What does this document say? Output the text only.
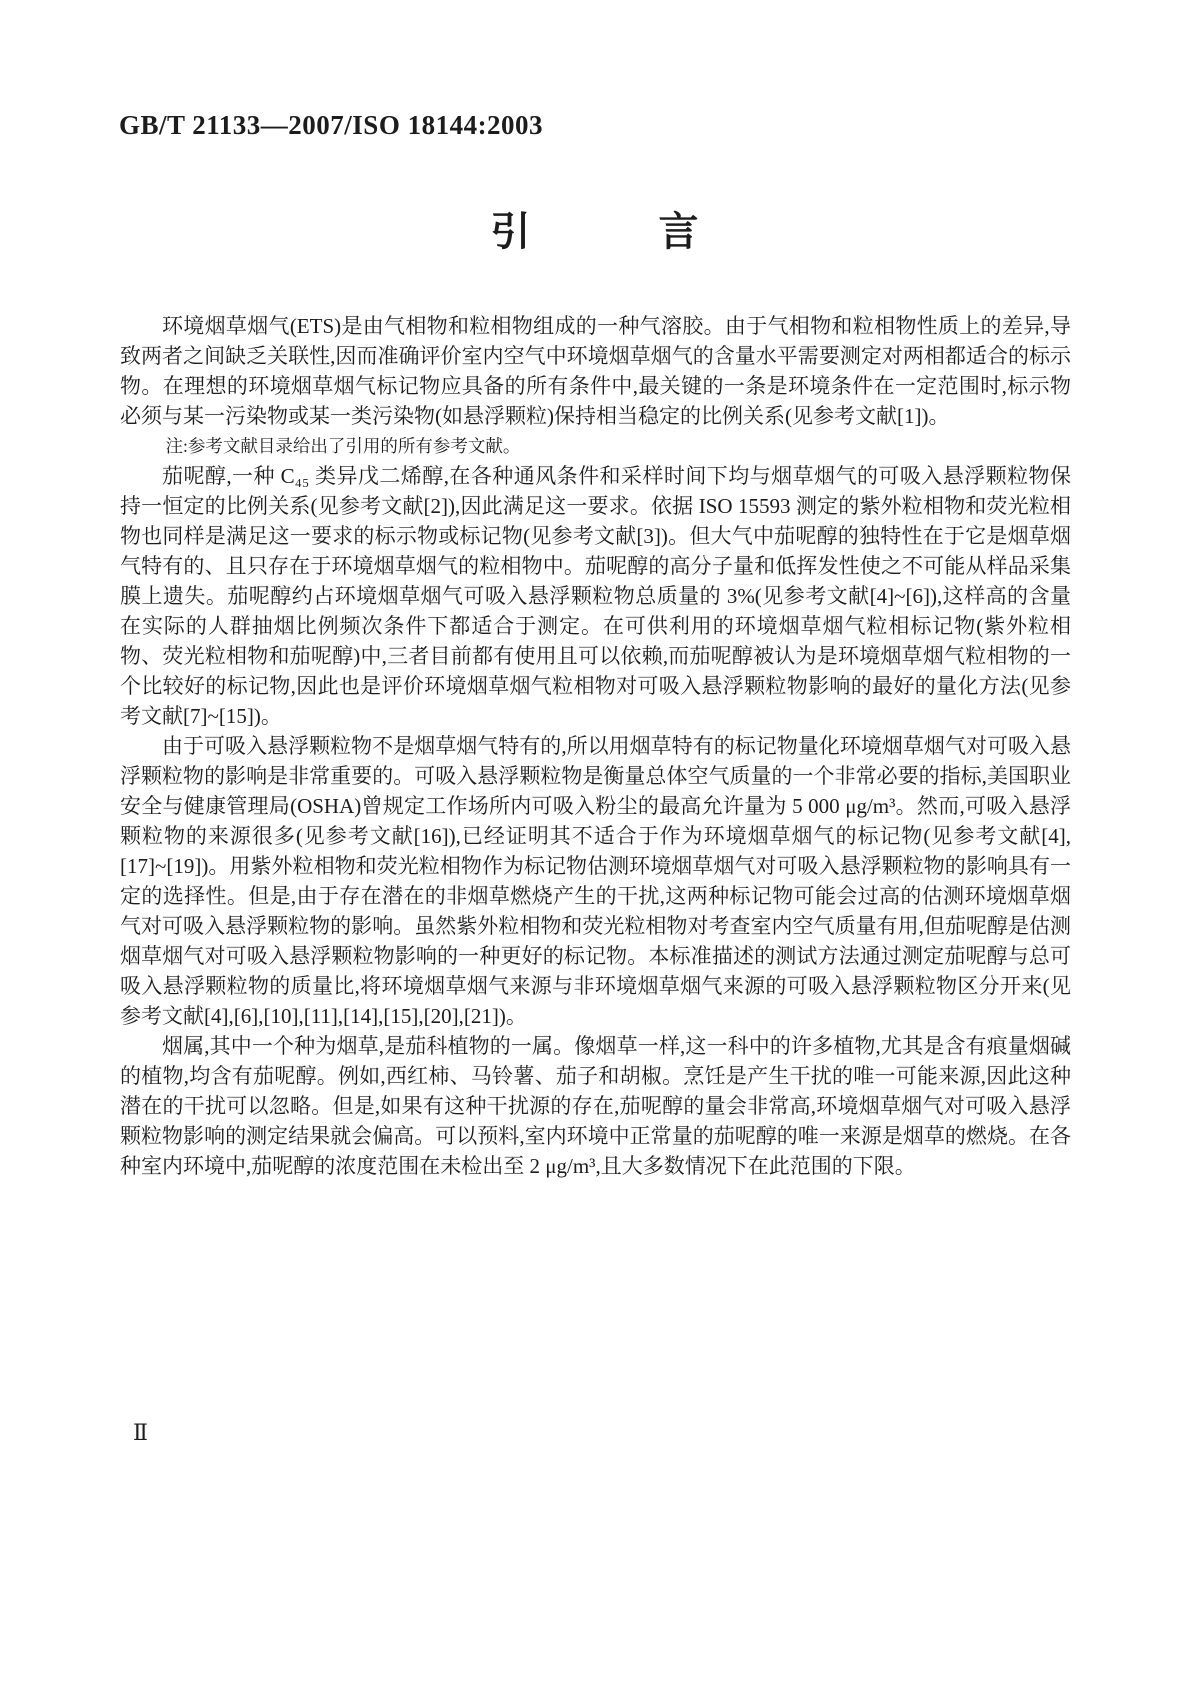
GB/T 21133—2007/ISO 18144:2003
引　　　言

环境烟草烟气(ETS)是由气相物和粒相物组成的一种气溶胶。由于气相物和粒相物性质上的差异,导致两者之间缺乏关联性,因而准确评价室内空气中环境烟草烟气的含量水平需要测定对两相都适合的标示物。在理想的环境烟草烟气标记物应具备的所有条件中,最关键的一条是环境条件在一定范围时,标示物必须与某一污染物或某一类污染物(如悬浮颗粒)保持相当稳定的比例关系(见参考文献[1])。

注:参考文献目录给出了引用的所有参考文献。

茄呢醇,一种 C₄₅ 类异戊二烯醇,在各种通风条件和采样时间下均与烟草烟气的可吸入悬浮颗粒物保持一恒定的比例关系(见参考文献[2]),因此满足这一要求。依据 ISO 15593 测定的紫外粒相物和荧光粒相物也同样是满足这一要求的标示物或标记物(见参考文献[3])。但大气中茄呢醇的独特性在于它是烟草烟气特有的、且只存在于环境烟草烟气的粒相物中。茄呢醇的高分子量和低挥发性使之不可能从样品采集膜上遗失。茄呢醇约占环境烟草烟气可吸入悬浮颗粒物总质量的 3%(见参考文献[4]~[6]),这样高的含量在实际的人群抽烟比例频次条件下都适合于测定。在可供利用的环境烟草烟气粒相标记物(紫外粒相物、荧光粒相物和茄呢醇)中,三者目前都有使用且可以依赖,而茄呢醇被认为是环境烟草烟气粒相物的一个比较好的标记物,因此也是评价环境烟草烟气粒相物对可吸入悬浮颗粒物影响的最好的量化方法(见参考文献[7]~[15])。

由于可吸入悬浮颗粒物不是烟草烟气特有的,所以用烟草特有的标记物量化环境烟草烟气对可吸入悬浮颗粒物的影响是非常重要的。可吸入悬浮颗粒物是衡量总体空气质量的一个非常必要的指标,美国职业安全与健康管理局(OSHA)曾规定工作场所内可吸入粉尘的最高允许量为 5 000 μg/m³。然而,可吸入悬浮颗粒物的来源很多(见参考文献[16]),已经证明其不适合于作为环境烟草烟气的标记物(见参考文献[4],[17]~[19])。用紫外粒相物和荧光粒相物作为标记物估测环境烟草烟气对可吸入悬浮颗粒物的影响具有一定的选择性。但是,由于存在潜在的非烟草燃烧产生的干扰,这两种标记物可能会过高的估测环境烟草烟气对可吸入悬浮颗粒物的影响。虽然紫外粒相物和荧光粒相物对考查室内空气质量有用,但茄呢醇是估测烟草烟气对可吸入悬浮颗粒物影响的一种更好的标记物。本标准描述的测试方法通过测定茄呢醇与总可吸入悬浮颗粒物的质量比,将环境烟草烟气来源与非环境烟草烟气来源的可吸入悬浮颗粒物区分开来(见参考文献[4],[6],[10],[11],[14],[15],[20],[21])。

烟属,其中一个种为烟草,是茄科植物的一属。像烟草一样,这一科中的许多植物,尤其是含有痕量烟碱的植物,均含有茄呢醇。例如,西红柿、马铃薯、茄子和胡椒。烹饪是产生干扰的唯一可能来源,因此这种潜在的干扰可以忽略。但是,如果有这种干扰源的存在,茄呢醇的量会非常高,环境烟草烟气对可吸入悬浮颗粒物影响的测定结果就会偏高。可以预料,室内环境中正常量的茄呢醇的唯一来源是烟草的燃烧。在各种室内环境中,茄呢醇的浓度范围在未检出至 2 μg/m³,且大多数情况下在此范围的下限。

Ⅱ
